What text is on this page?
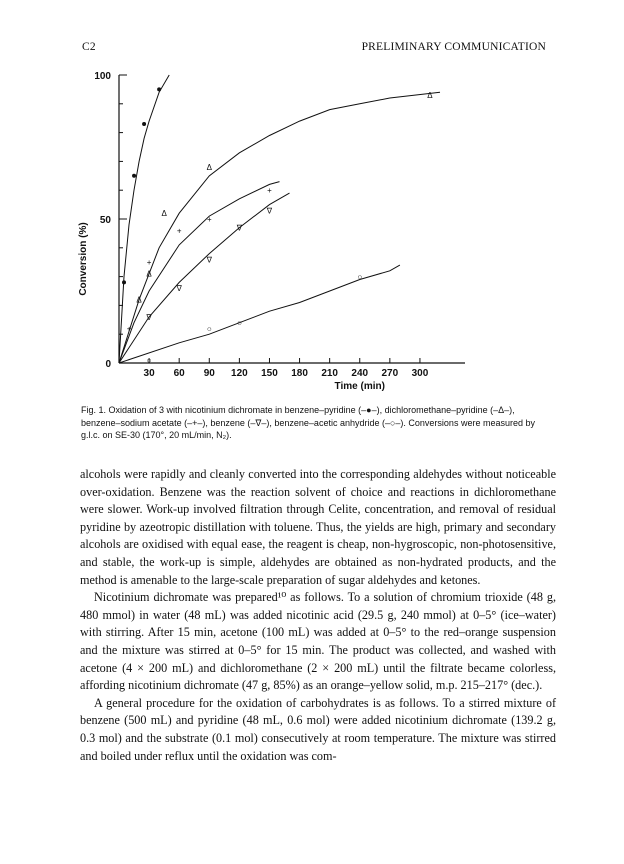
C2	PRELIMINARY COMMUNICATION
30 60 90 120 150 180 210 240 270 300
0
50
100
Δ
Δ
Δ
Δ
Δ
+
+
+
+
+
∇
∇
∇
∇
∇
○
○
○
○
Time (min)
Conversion (%)
Fig. 1. Oxidation of 3 with nicotinium dichromate in benzene–pyridine (–●–), dichloromethane–pyridine (–Δ–), benzene–sodium acetate (–+–), benzene (–∇–), benzene–acetic anhydride (–○–). Conversions were measured by g.l.c. on SE-30 (170°, 20 mL/min, N₂).

alcohols were rapidly and cleanly converted into the corresponding aldehydes without noticeable over-oxidation. Benzene was the reaction solvent of choice and reactions in dichloromethane were slower. Work-up involved filtration through Celite, concentration, and removal of residual pyridine by azeotropic distillation with toluene. Thus, the yields are high, primary and secondary alcohols are oxidised with equal ease, the reagent is cheap, non-hygroscopic, non-photosensitive, and stable, the work-up is simple, aldehydes are obtained as non-hydrated products, and the method is amenable to the large-scale preparation of sugar aldehydes and ketones.

Nicotinium dichromate was prepared¹⁰ as follows. To a solution of chromium trioxide (48 g, 480 mmol) in water (48 mL) was added nicotinic acid (29.5 g, 240 mmol) at 0–5° (ice–water) with stirring. After 15 min, acetone (100 mL) was added at 0–5° to the red–orange suspension and the mixture was stirred at 0–5° for 15 min. The product was collected, and washed with acetone (4 × 200 mL) and dichloromethane (2 × 200 mL) until the filtrate became colorless, affording nicotinium dichromate (47 g, 85%) as an orange–yellow solid, m.p. 215–217° (dec.).

A general procedure for the oxidation of carbohydrates is as follows. To a stirred mixture of benzene (500 mL) and pyridine (48 mL, 0.6 mol) were added nicotinium dichromate (139.2 g, 0.3 mol) and the substrate (0.1 mol) consecutively at room temperature. The mixture was stirred and boiled under reflux until the oxidation was com-
